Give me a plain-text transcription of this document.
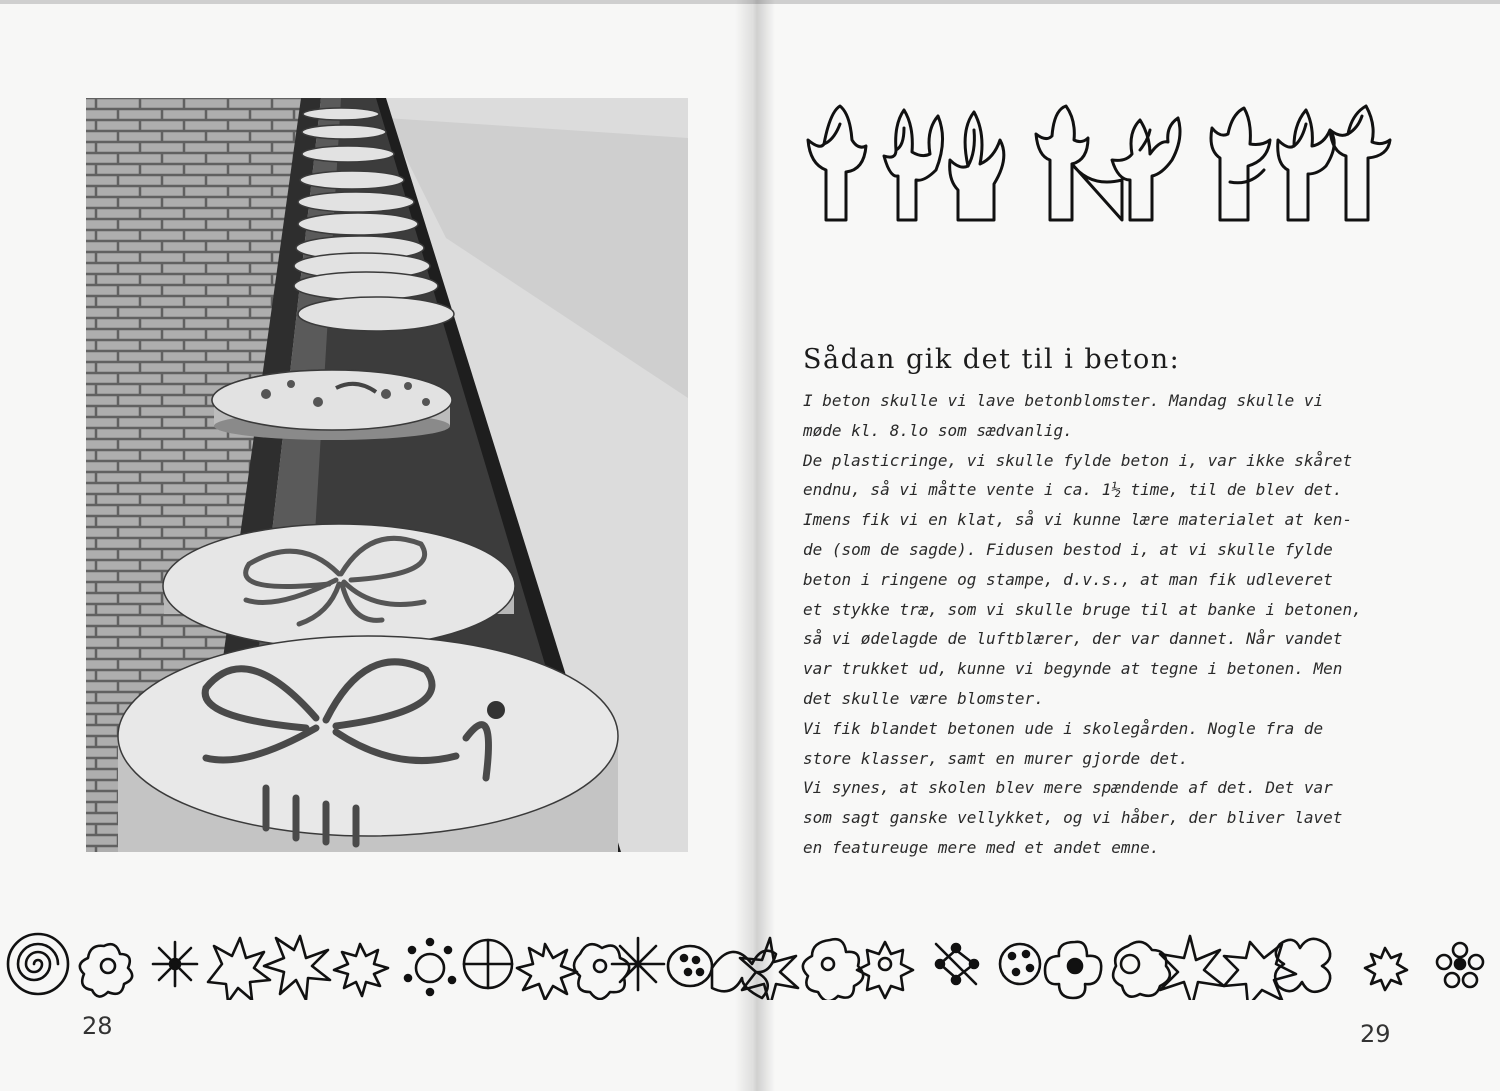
Sådan gik det til i beton:
I beton skulle vi lave betonblomster. Mandag skulle vi
møde kl. 8.lo som sædvanlig.
De plasticringe, vi skulle fylde beton i, var ikke skåret
endnu, så vi måtte vente i ca. 1½ time, til de blev det.
Imens fik vi en klat, så vi kunne lære materialet at ken-
de (som de sagde). Fidusen bestod i, at vi skulle fylde
beton i ringene og stampe, d.v.s., at man fik udleveret
et stykke træ, som vi skulle bruge til at banke i betonen,
så vi ødelagde de luftblærer, der var dannet. Når vandet
var trukket ud, kunne vi begynde at tegne i betonen. Men
det skulle være blomster.
Vi fik blandet betonen ude i skolegården. Nogle fra de
store klasser, samt en murer gjorde det.
Vi synes, at skolen blev mere spændende af det. Det var
som sagt ganske vellykket, og vi håber, der bliver lavet
en featureuge mere med et andet emne.
28	29
